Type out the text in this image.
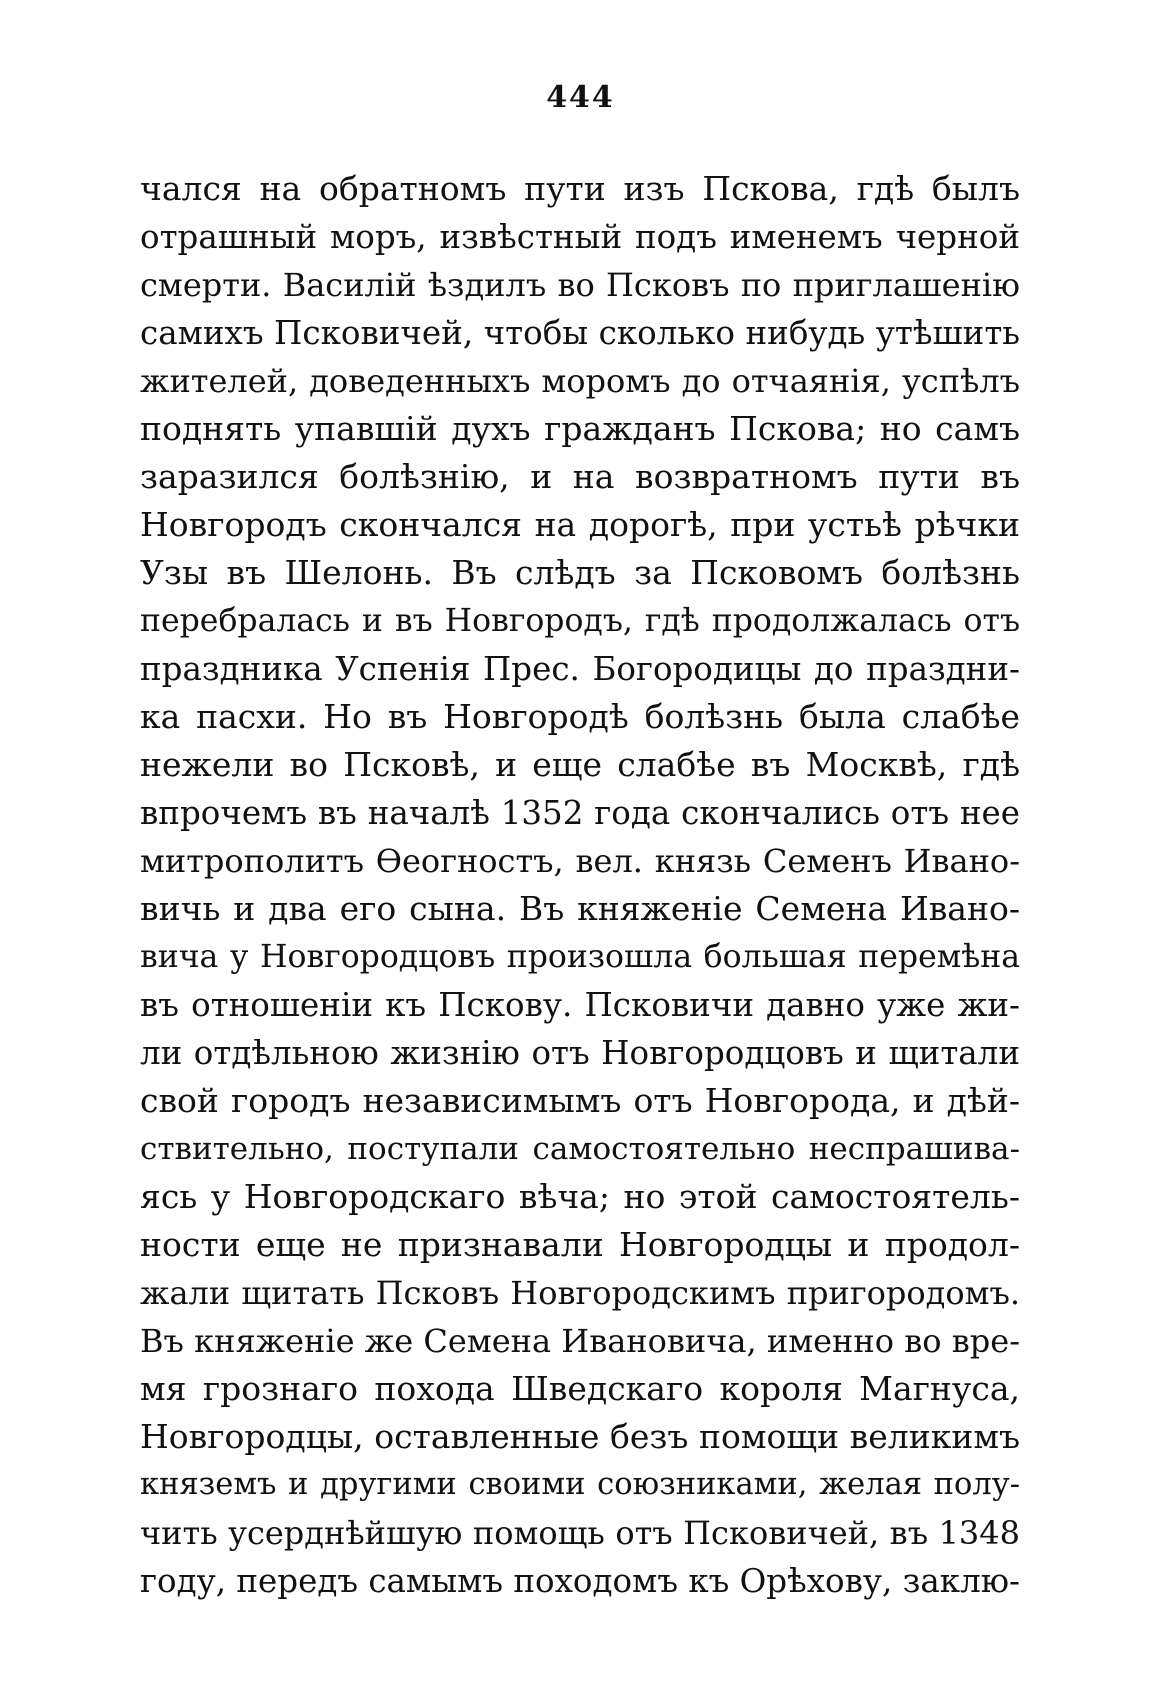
444
чался на обратномъ пути изъ Пскова, гдѣ былъ
отрашный моръ, извѣстный подъ именемъ черной
смерти. Василій ѣздилъ во Псковъ по приглашенію
самихъ Псковичей, чтобы сколько нибудь утѣшить
жителей, доведенныхъ моромъ до отчаянія, успѣлъ
поднять упавшій духъ гражданъ Пскова; но самъ
заразился болѣзнію, и на возвратномъ пути въ
Новгородъ скончался на дорогѣ, при устьѣ рѣчки
Узы въ Шелонь. Въ слѣдъ за Псковомъ болѣзнь
перебралась и въ Новгородъ, гдѣ продолжалась отъ
праздника Успенія Прес. Богородицы до праздни-
ка пасхи. Но въ Новгородѣ болѣзнь была слабѣе
нежели во Псковѣ, и еще слабѣе въ Москвѣ, гдѣ
впрочемъ въ началѣ 1352 года скончались отъ нее
митрополитъ Ѳеогностъ, вел. князь Семенъ Ивано-
вичь и два его сына. Въ княженіе Семена Ивано-
вича у Новгородцовъ произошла большая перемѣна
въ отношеніи къ Пскову. Псковичи давно уже жи-
ли отдѣльною жизнію отъ Новгородцовъ и щитали
свой городъ независимымъ отъ Новгорода, и дѣй-
ствительно, поступали самостоятельно неспрашива-
ясь у Новгородскаго вѣча; но этой самостоятель-
ности еще не признавали Новгородцы и продол-
жали щитать Псковъ Новгородскимъ пригородомъ.
Въ княженіе же Семена Ивановича, именно во вре-
мя грознаго похода Шведскаго короля Магнуса,
Новгородцы, оставленные безъ помощи великимъ
княземъ и другими своими союзниками, желая полу-
чить усерднѣйшую помощь отъ Псковичей, въ 1348
году, передъ самымъ походомъ къ Орѣхову, заклю-
